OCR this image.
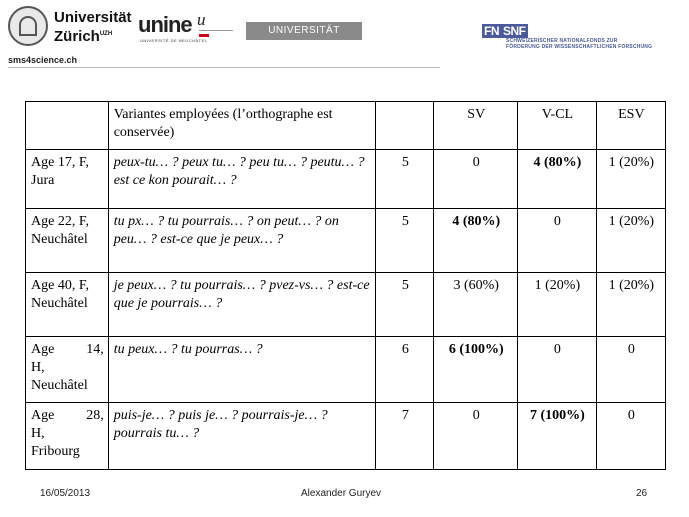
Universität
Zürich$^{UZH}$	unine
UNIVERSITÉ DE NEUCHÂTEL
u
UNIVERSITÄT LEIPZIG
sms4science.ch
FN SNF
SCHWEIZERISCHER NATIONALFONDS ZUR
FÖRDERUNG DER WISSENSCHAFTLICHEN FORSCHUNG
	Variantes employées (l’orthographe est conservée)		SV	V-CL	ESV
Age 17, F, Jura	peux-tu… ? peux tu… ? peu tu… ? peutu… ? est ce kon pourait… ?	5	0	4 (80%)	1 (20%)
Age 22, F, Neuchâtel	tu px… ? tu pourrais… ? on peut… ? on peu… ? est-ce que je peux… ?	5	4 (80%)	0	1 (20%)
Age 40, F, Neuchâtel	je peux… ? tu pourrais… ? pvez-vs… ? est-ce que je pourrais… ?	5	3 (60%)	1 (20%)	1 (20%)

Age 14,
H,
Neuchâtel	tu peux… ? tu pourras… ?	6	6 (100%)	0	0

Age 28,
H,
Fribourg	puis-je… ? puis je… ? pourrais-je… ? pourrais tu… ?	7	0	7 (100%)	0
16/05/2013	Alexander Guryev	26
